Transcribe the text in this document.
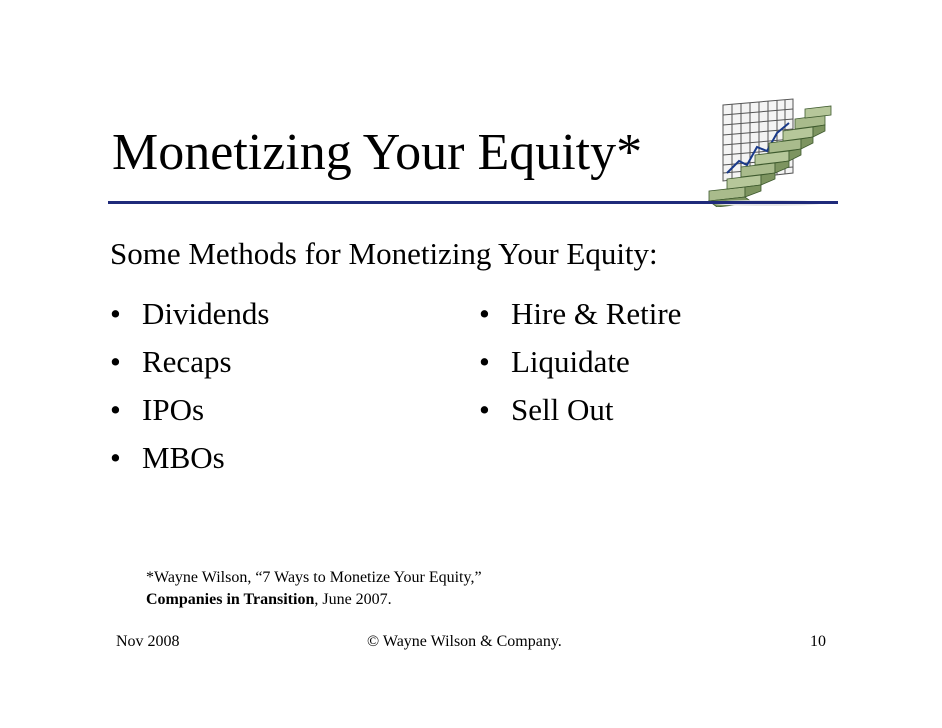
Monetizing Your Equity*
Some Methods for Monetizing Your Equity:
• Dividends
• Recaps
• IPOs
• MBOs
• Hire & Retire
• Liquidate
• Sell Out
*Wayne Wilson, “7 Ways to Monetize Your Equity,”
Companies in Transition, June 2007.
Nov 2008	© Wayne Wilson & Company.	10
